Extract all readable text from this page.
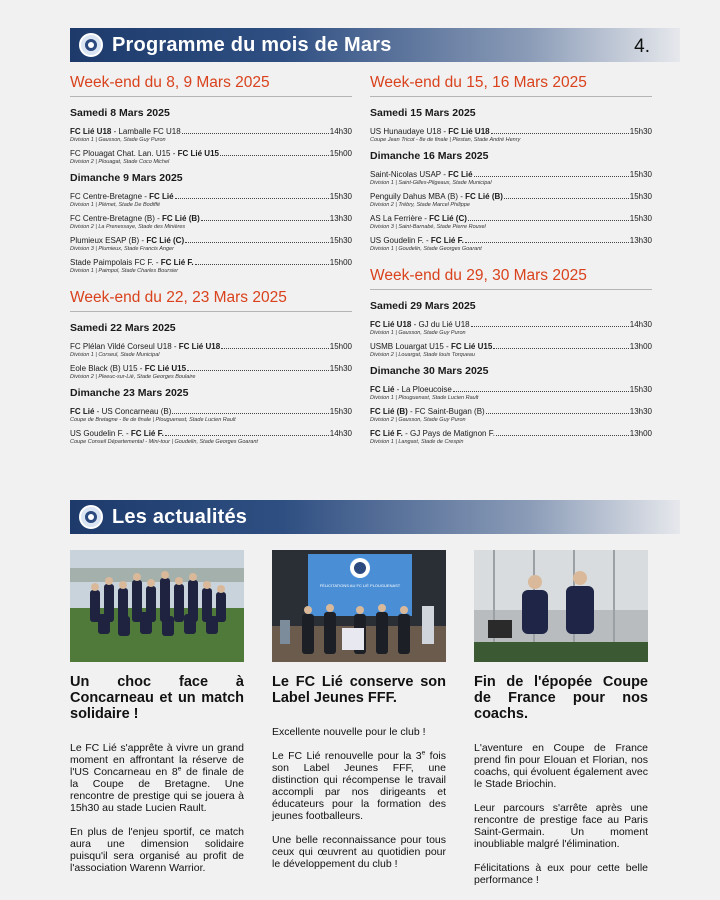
Programme du mois de Mars	4.
Week-end du 8, 9 Mars 2025
Samedi 8 Mars 2025
FC Lié U18 - Lamballe FC U18	14h30
Division 1 | Gausson, Stade Guy Puron
FC Plouagat Chat. Lan. U15 - FC Lié U15	15h00
Division 2 | Plouagat, Stade Coco Michel
Dimanche 9 Mars 2025
FC Centre-Bretagne - FC Lié	15h30
Division 1 | Plémet, Stade De Bodiffé
FC Centre-Bretagne (B) - FC Lié (B)	13h30
Division 2 | La Prenessaye, Stade des Minières
Plumieux ESAP (B) - FC Lié (C)	15h30
Division 3 | Plumieux, Stade Francis Anger
Stade Paimpolais FC F. - FC Lié F.	15h00
Division 1 | Paimpol, Stade Charles Boursier
Week-end du 22, 23 Mars 2025
Samedi 22 Mars 2025
FC Plélan Vildé Corseul U18 - FC Lié U18	15h00
Division 1 | Corseul, Stade Municipal
Eole Black (B) U15 - FC Lié U15	15h30
Division 2 | Pleeuc-sur-Lié, Stade Georges Boulaire
Dimanche 23 Mars 2025
FC Lié - US Concarneau (B)	15h30
Coupe de Bretagne - 8e de finale | Plouguenast, Stade Lucien Rault
US Goudelin F. - FC Lié F.	14h30
Coupe Conseil Départemental - Mini-tour | Goudelin, Stade Georges Goarant
Week-end du 15, 16 Mars 2025
Samedi 15 Mars 2025
US Hunaudaye U18 - FC Lié U18	15h30
Coupe Jean Tricot - 8e de finale | Plestan, Stade André Henry
Dimanche 16 Mars 2025
Saint-Nicolas USAP - FC Lié	15h30
Division 1 | Saint-Gilles-Pligeaux, Stade Municipal
Penguily Dahus MBA (B) - FC Lié (B)	15h30
Division 2 | Trébry, Stade Marcel Philippe
AS La Ferrière - FC Lié (C)	15h30
Division 3 | Saint-Barnabé, Stade Pierre Rouxel
US Goudelin F. - FC Lié F.	13h30
Division 1 | Goudelin, Stade Georges Goarant
Week-end du 29, 30 Mars 2025
Samedi 29 Mars 2025
FC Lié U18 - GJ du Lié U18	14h30
Division 1 | Gausson, Stade Guy Puron
USMB Louargat U15 - FC Lié U15	13h00
Division 2 | Louargat, Stade louis Torqueau
Dimanche 30 Mars 2025
FC Lié - La Ploeucoise	15h30
Division 1 | Plouguenast, Stade Lucien Rault
FC Lié (B) - FC Saint-Bugan (B)	13h30
Division 2 | Gausson, Stade Guy Puron
FC Lié F. - GJ Pays de Matignon F.	13h00
Division 1 | Langast, Stade de Crespin
Les actualités
Un choc face à Concarneau et un match solidaire !

Le FC Lié s'apprête à vivre un grand moment en affrontant la réserve de l'US Concarneau en 8e de finale de la Coupe de Bretagne. Une rencontre de prestige qui se jouera à 15h30 au stade Lucien Rault.

En plus de l'enjeu sportif, ce match aura une dimension solidaire puisqu'il sera organisé au profit de l'association Warenn Warrior.

FÉLICITATIONS AU FC LIÉ PLOUGUENAST
Le FC Lié conserve son Label Jeunes FFF.

Excellente nouvelle pour le club !

Le FC Lié renouvelle pour la 3e fois son Label Jeunes FFF, une distinction qui récompense le travail accompli par nos dirigeants et éducateurs pour la formation des jeunes footballeurs.

Une belle reconnaissance pour tous ceux qui œuvrent au quotidien pour le développement du club !

Fin de l'épopée Coupe de France pour nos coachs.

L'aventure en Coupe de France prend fin pour Elouan et Florian, nos coachs, qui évoluent également avec le Stade Briochin.

Leur parcours s'arrête après une rencontre de prestige face au Paris Saint-Germain. Un moment inoubliable malgré l'élimination.

Félicitations à eux pour cette belle performance !
